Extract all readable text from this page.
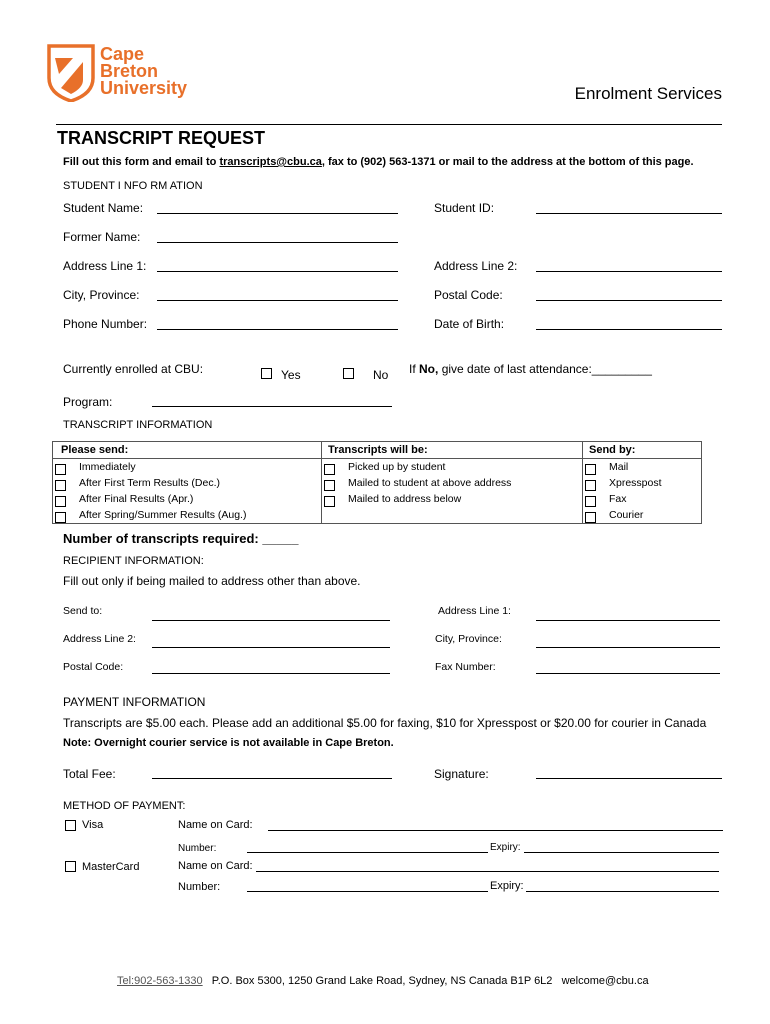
Cape
Breton
University	Enrolment Services
TRANSCRIPT REQUEST
Fill out this form and email to transcripts@cbu.ca, fax to (902) 563-1371 or mail to the address at the bottom of this page.
STUDENT I NFO RM ATION
Student Name:	Student ID:
Former Name:
Address Line 1:	Address Line 2:
City, Province:	Postal Code:
Phone Number:	Date of Birth:
Currently enrolled at CBU:	Yes	No If No, give date of last attendance:_________
Program:
TRANSCRIPT INFORMATION
Please send:	Transcripts will be:	Send by:

Immediately	Picked up by student	Mail

After First Term Results (Dec.)	Mailed to student at above address	Xpresspost

After Final Results (Apr.)	Mailed to address below	Fax

After Spring/Summer Results (Aug.)		Courier
Number of transcripts required: _____
RECIPIENT INFORMATION:
Fill out only if being mailed to address other than above.
Send to:	Address Line 1:
Address Line 2:	City, Province:
Postal Code:	Fax Number:
PAYMENT INFORMATION
Transcripts are $5.00 each. Please add an additional $5.00 for faxing, $10 for Xpresspost or $20.00 for courier in Canada
Note: Overnight courier service is not available in Cape Breton.
Total Fee:	Signature:
METHOD OF PAYMENT:
Visa	Name on Card:
Number:	Expiry:
MasterCard	Name on Card:
Number:	Expiry:
Tel:902-563-1330 P.O. Box 5300, 1250 Grand Lake Road, Sydney, NS Canada B1P 6L2 welcome@cbu.ca
